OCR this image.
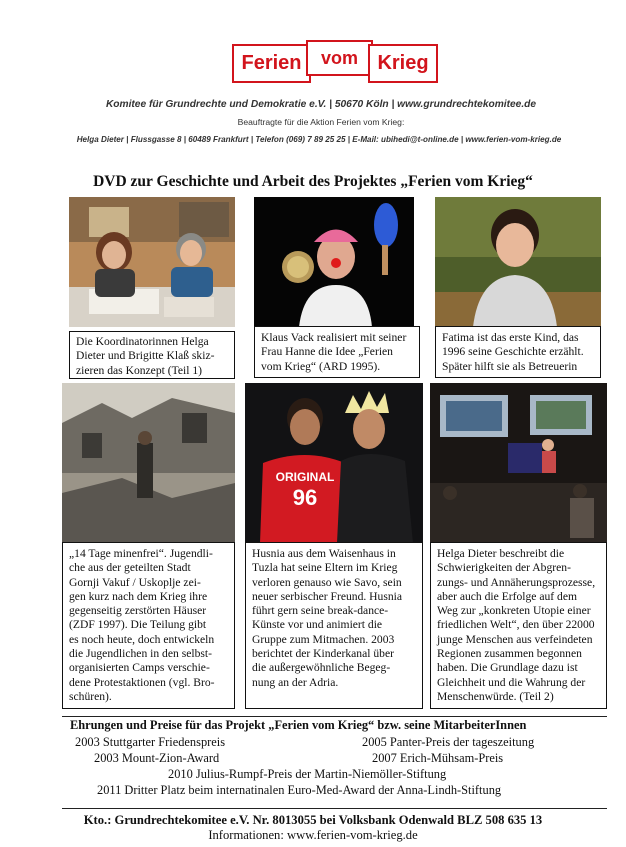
Ferien vom Krieg
Komitee für Grundrechte und Demokratie e.V. | 50670 Köln | www.grundrechtekomitee.de
Beauftragte für die Aktion Ferien vom Krieg:
Helga Dieter | Flussgasse 8 | 60489 Frankfurt | Telefon (069) 7 89 25 25 | E-Mail: ubihedi@t-online.de | www.ferien-vom-krieg.de
DVD zur Geschichte und Arbeit des Projektes „Ferien vom Krieg“
Die Koordinatorinnen Helga
Dieter und Brigitte Klaß skiz-
zieren das Konzept (Teil 1)
Klaus Vack realisiert mit seiner
Frau Hanne die Idee „Ferien
vom Krieg“ (ARD 1995).
Fatima ist das erste Kind, das
1996 seine Geschichte erzählt.
Später hilft sie als Betreuerin
ORIGINAL
96
„14 Tage minenfrei“. Jugendli-
che aus der geteilten Stadt
Gornji Vakuf / Uskoplje zei-
gen kurz nach dem Krieg ihre
gegenseitig zerstörten Häuser
(ZDF 1997). Die Teilung gibt
es noch heute, doch entwickeln
die Jugendlichen in den selbst-
organisierten Camps verschie-
dene Protestaktionen (vgl. Bro-
schüren).
Husnia aus dem Waisenhaus in
Tuzla hat seine Eltern im Krieg
verloren genauso wie Savo, sein
neuer serbischer Freund. Husnia
führt gern seine break-dance-
Künste vor und animiert die
Gruppe zum Mitmachen. 2003
berichtet der Kinderkanal über
die außergewöhnliche Begeg-
nung an der Adria.
Helga Dieter beschreibt die
Schwierigkeiten der Abgren-
zungs- und Annäherungsprozesse,
aber auch die Erfolge auf dem
Weg zur „konkreten Utopie einer
friedlichen Welt“, den über 22000
junge Menschen aus verfeindeten
Regionen zusammen begonnen
haben. Die Grundlage dazu ist
Gleichheit und die Wahrung der
Menschenwürde. (Teil 2)
Ehrungen und Preise für das Projekt „Ferien vom Krieg“ bzw. seine MitarbeiterInnen
2003 Stuttgarter Friedenspreis	2005 Panter-Preis der tageszeitung
2003 Mount-Zion-Award	2007 Erich-Mühsam-Preis
2010 Julius-Rumpf-Preis der Martin-Niemöller-Stiftung
2011 Dritter Platz beim internatinalen Euro-Med-Award der Anna-Lindh-Stiftung
Kto.: Grundrechtekomitee e.V. Nr. 8013055 bei Volksbank Odenwald BLZ 508 635 13
Informationen: www.ferien-vom-krieg.de
